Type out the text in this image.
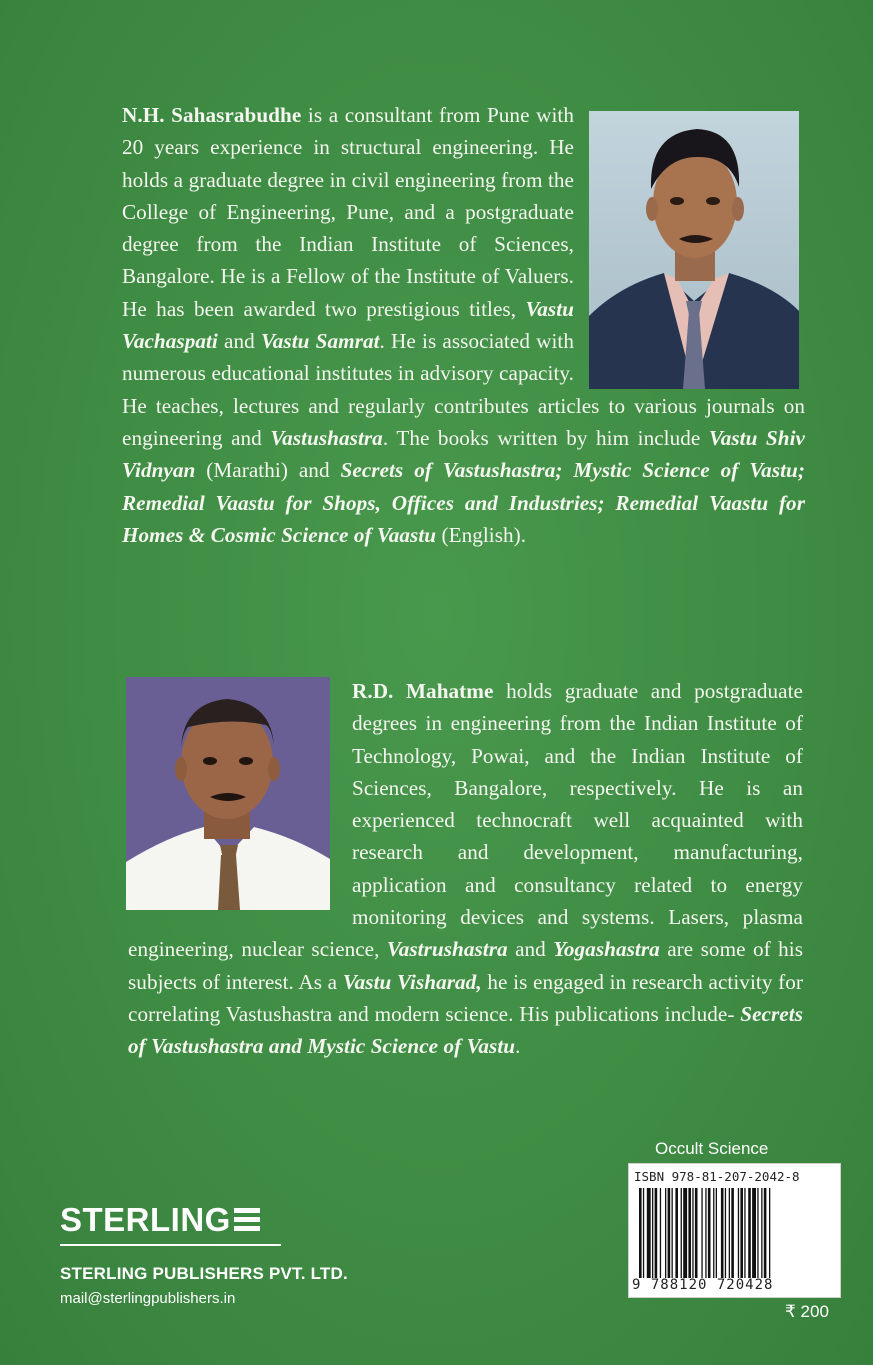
N.H. Sahasrabudhe is a consultant from Pune with 20 years experience in structural engineering. He holds a graduate degree in civil engineering from the College of Engineering, Pune, and a postgraduate degree from the Indian Institute of Sciences, Bangalore. He is a Fellow of the Institute of Valuers. He has been awarded two prestigious titles, Vastu Vachaspati and Vastu Samrat. He is associated with numerous educational institutes in advisory capacity. He teaches, lectures and regularly contributes articles to various journals on engineering and Vastushastra. The books written by him include Vastu Shiv Vidnyan (Marathi) and Secrets of Vastushastra; Mystic Science of Vastu; Remedial Vaastu for Shops, Offices and Industries; Remedial Vaastu for Homes & Cosmic Science of Vaastu (English).
R.D. Mahatme holds graduate and postgraduate degrees in engineering from the Indian Institute of Technology, Powai, and the Indian Institute of Sciences, Bangalore, respectively. He is an experienced technocraft well acquainted with research and development, manufacturing, application and consultancy related to energy monitoring devices and systems. Lasers, plasma engineering, nuclear science, Vastrushastra and Yogashastra are some of his subjects of interest. As a Vastu Visharad, he is engaged in research activity for correlating Vastushastra and modern science. His publications include- Secrets of Vastushastra and Mystic Science of Vastu.
STERLING
STERLING PUBLISHERS PVT. LTD.
mail@sterlingpublishers.in
Occult Science
ISBN 978-81-207-2042-8
9 788120 720428
₹ 200
